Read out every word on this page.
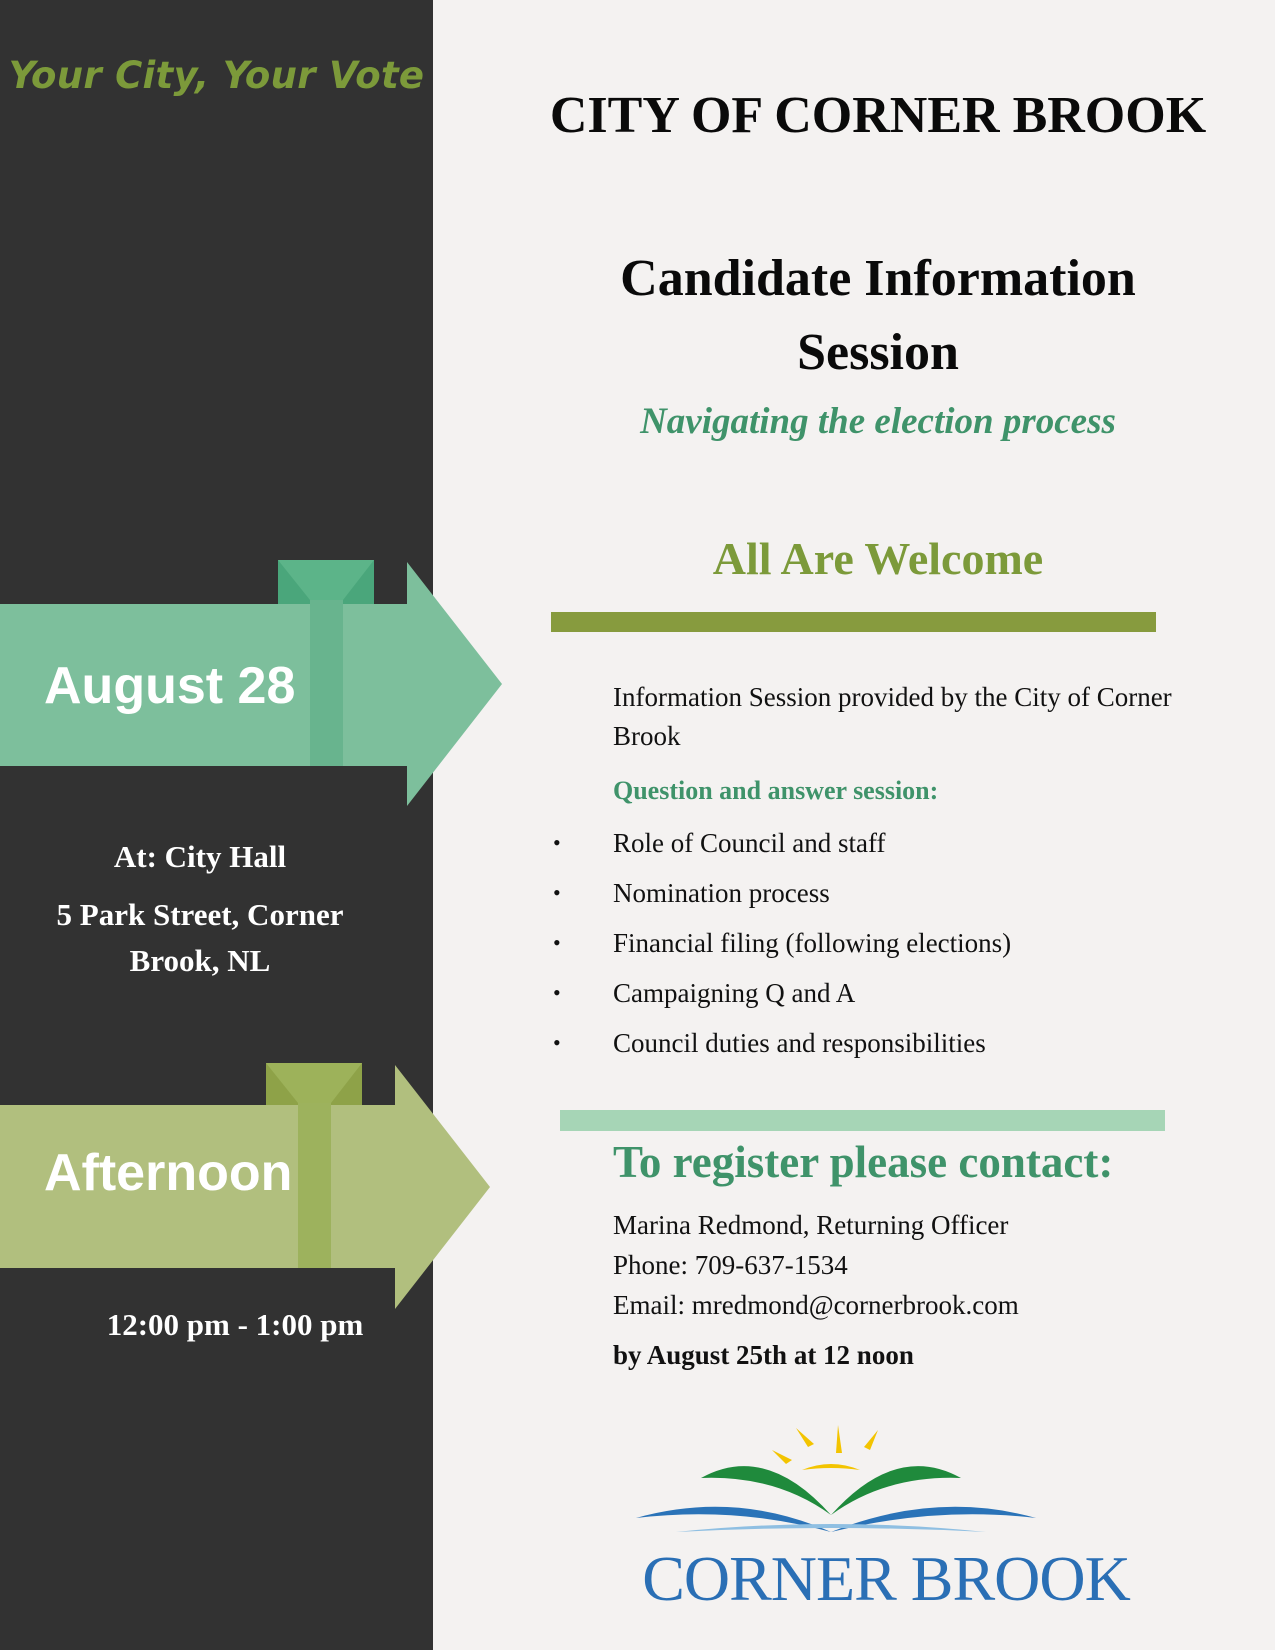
Your City, Your Vote
August 28
At: City Hall
5 Park Street, Corner Brook, NL
Afternoon
12:00 pm - 1:00 pm
CITY OF CORNER BROOK
Candidate Information Session
Navigating the election process
All Are Welcome
Information Session provided by the City of Corner Brook
Question and answer session:
• Role of Council and staff
• Nomination process
• Financial filing (following elections)
• Campaigning Q and A
• Council duties and responsibilities
To register please contact:
Marina Redmond, Returning Officer
Phone: 709-637-1534
Email: mredmond@cornerbrook.com
by August 25th at 12 noon
CORNER BROOK
